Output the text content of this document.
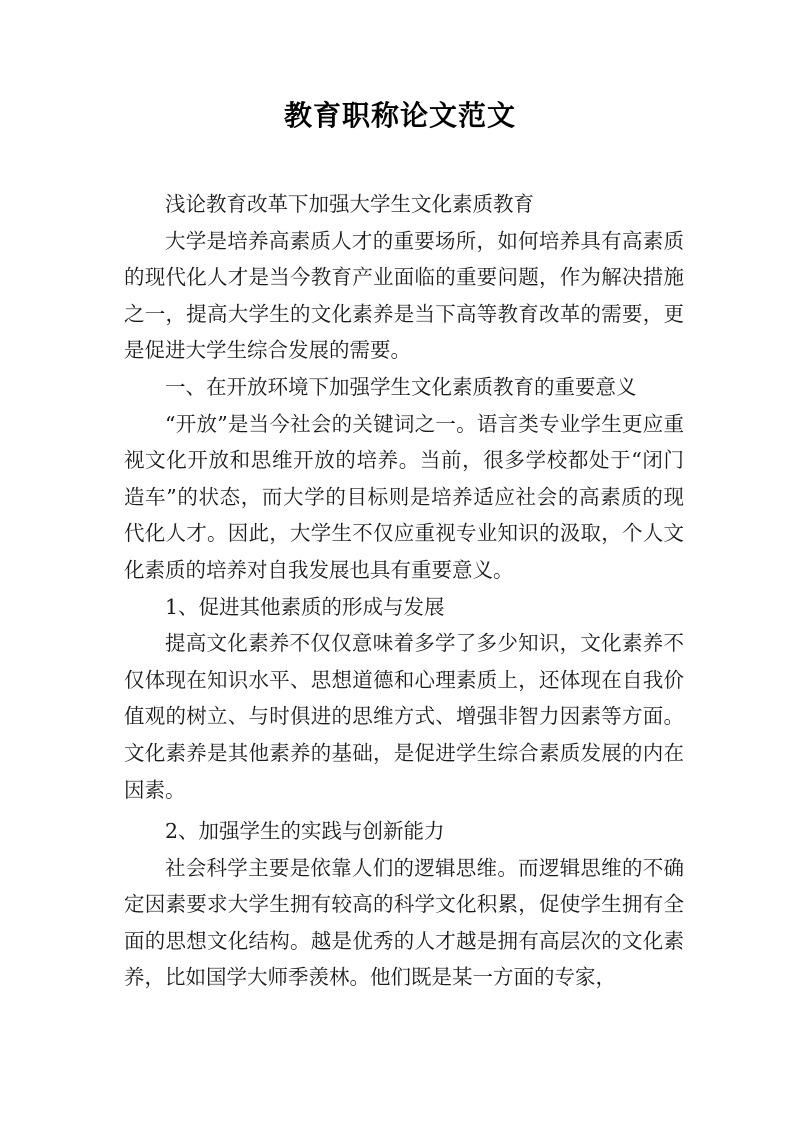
教育职称论文范文

浅论教育改革下加强大学生文化素质教育

大学是培养高素质人才的重要场所，如何培养具有高素质的现代化人才是当今教育产业面临的重要问题，作为解决措施之一，提高大学生的文化素养是当下高等教育改革的需要，更是促进大学生综合发展的需要。

一、在开放环境下加强学生文化素质教育的重要意义

“开放”是当今社会的关键词之一。语言类专业学生更应重视文化开放和思维开放的培养。当前，很多学校都处于“闭门造车”的状态，而大学的目标则是培养适应社会的高素质的现代化人才。因此，大学生不仅应重视专业知识的汲取，个人文化素质的培养对自我发展也具有重要意义。

1、促进其他素质的形成与发展

提高文化素养不仅仅意味着多学了多少知识，文化素养不仅体现在知识水平、思想道德和心理素质上，还体现在自我价值观的树立、与时俱进的思维方式、增强非智力因素等方面。文化素养是其他素养的基础，是促进学生综合素质发展的内在因素。

2、加强学生的实践与创新能力

社会科学主要是依靠人们的逻辑思维。而逻辑思维的不确定因素要求大学生拥有较高的科学文化积累，促使学生拥有全面的思想文化结构。越是优秀的人才越是拥有高层次的文化素养，比如国学大师季羡林。他们既是某一方面的专家，
